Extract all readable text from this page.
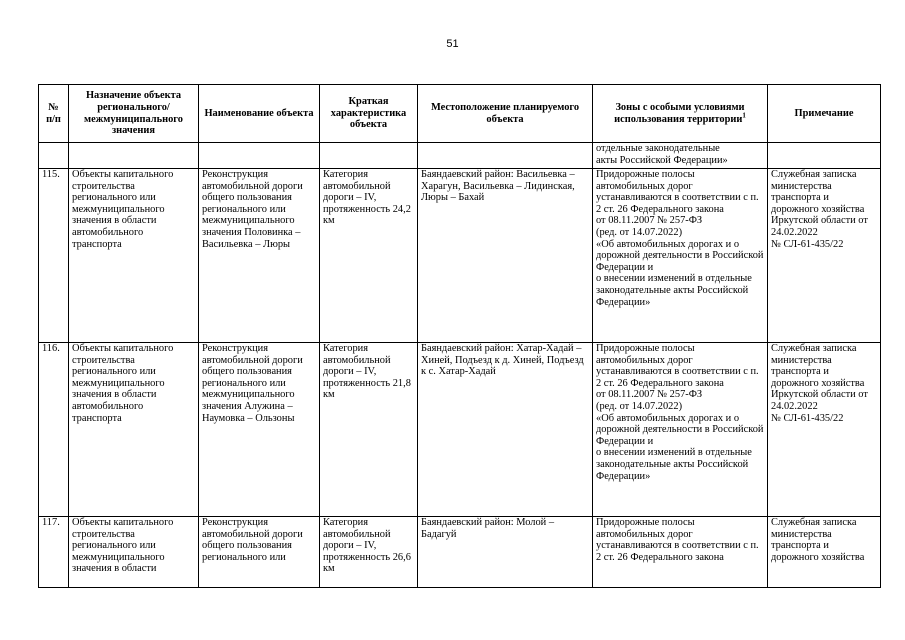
51
№
п/п	Назначение объекта регионального/ межмуниципального значения	Наименование объекта	Краткая характеристика объекта	Местоположение планируемого объекта	Зоны с особыми условиями использования территории$^1$	Примечание
					отдельные законодательные
акты Российской Федерации»	
115.	Объекты капитального строительства регионального или межмуниципального значения в области автомобильного транспорта	Реконструкция автомобильной дороги общего пользования регионального или межмуниципального значения Половинка – Васильевка – Люры	Категория автомобильной дороги – IV, протяженность 24,2 км	Баяндаевский район: Васильевка – Харагун, Васильевка – Лидинская, Люры – Бахай	Придорожные полосы автомобильных дорог устанавливаются в соответствии с п. 2 ст. 26 Федерального закона
от 08.11.2007 № 257-ФЗ
(ред. от 14.07.2022)
«Об автомобильных дорогах и о дорожной деятельности в Российской Федерации и
о внесении изменений в отдельные законодательные акты Российской Федерации»	Служебная записка министерства транспорта и дорожного хозяйства Иркутской области от 24.02.2022
№ СЛ-61-435/22
116.	Объекты капитального строительства регионального или межмуниципального значения в области автомобильного транспорта	Реконструкция автомобильной дороги общего пользования регионального или межмуниципального значения Алужина – Наумовка – Ользоны	Категория автомобильной дороги – IV, протяженность 21,8 км	Баяндаевский район: Хатар-Хадай – Хиней, Подъезд к д. Хиней, Подъезд к с. Хатар-Хадай	Придорожные полосы автомобильных дорог устанавливаются в соответствии с п. 2 ст. 26 Федерального закона
от 08.11.2007 № 257-ФЗ
(ред. от 14.07.2022)
«Об автомобильных дорогах и о дорожной деятельности в Российской Федерации и
о внесении изменений в отдельные законодательные акты Российской Федерации»	Служебная записка министерства транспорта и дорожного хозяйства Иркутской области от 24.02.2022
№ СЛ-61-435/22
117.	Объекты капитального строительства регионального или межмуниципального значения в области	Реконструкция автомобильной дороги общего пользования регионального или	Категория автомобильной дороги – IV, протяженность 26,6 км	Баяндаевский район: Молой – Бадагуй	Придорожные полосы автомобильных дорог устанавливаются в соответствии с п. 2 ст. 26 Федерального закона	Служебная записка министерства транспорта и дорожного хозяйства
